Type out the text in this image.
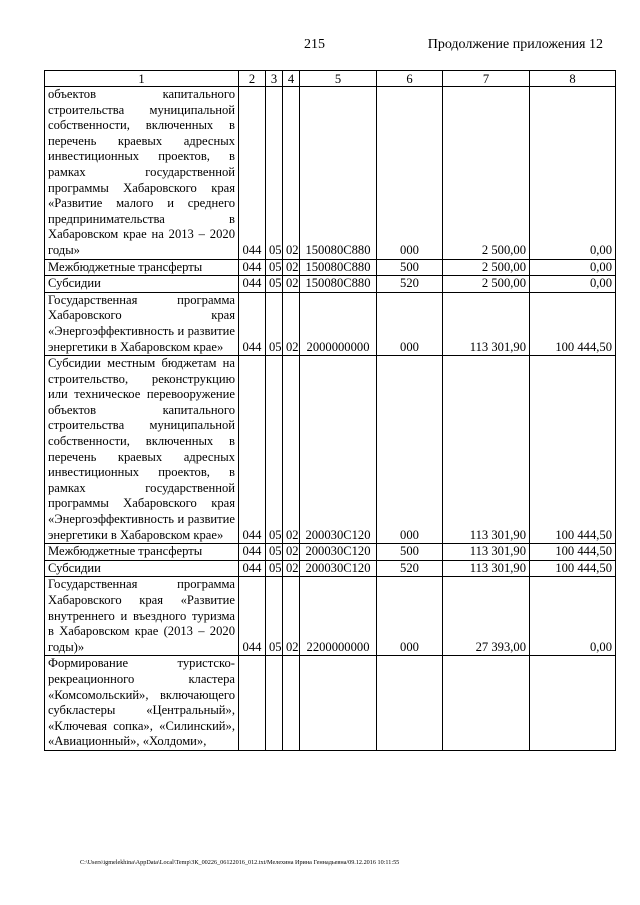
215	Продолжение приложения 12
1	2	3	4	5	6	7	8
объектов капитального строительства муниципальной собственности, включенных в перечень краевых адресных инвестиционных проектов, в рамках государственной программы Хабаровского края «Развитие малого и среднего предпринимательства в Хабаровском крае на 2013 – 2020 годы»	044	05	02	150080С880	000	2 500,00	0,00
Межбюджетные трансферты	044	05	02	150080С880	500	2 500,00	0,00
Субсидии	044	05	02	150080С880	520	2 500,00	0,00
Государственная программа Хабаровского края «Энергоэффективность и развитие энергетики в Хабаровском крае»	044	05	02	2000000000	000	113 301,90	100 444,50
Субсидии местным бюджетам на строительство, реконструкцию или техническое перевооружение объектов капитального строительства муниципальной собственности, включенных в перечень краевых адресных инвестиционных проектов, в рамках государственной программы Хабаровского края «Энергоэффективность и развитие энергетики в Хабаровском крае»	044	05	02	200030С120	000	113 301,90	100 444,50
Межбюджетные трансферты	044	05	02	200030С120	500	113 301,90	100 444,50
Субсидии	044	05	02	200030С120	520	113 301,90	100 444,50
Государственная программа Хабаровского края «Развитие внутреннего и въездного туризма в Хабаровском крае (2013 – 2020 годы)»	044	05	02	2200000000	000	27 393,00	0,00
Формирование туристско-рекреационного кластера «Комсомольский», включающего субкластеры «Центральный», «Ключевая сопка», «Силинский», «Авиационный», «Холдоми»,							
C:\Users\igmelekhina\AppData\Local\Temp\ЗК_00226_06122016_012.txt/Мелехина Ирина Геннадьевна/09.12.2016 10:11:55
